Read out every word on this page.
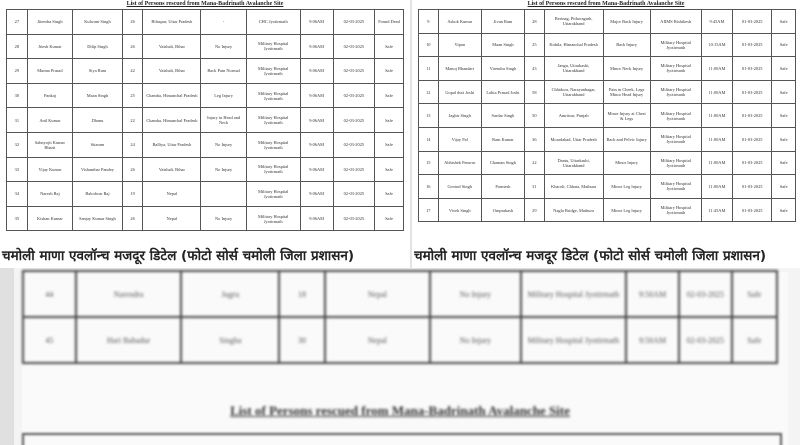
List of Persons rescued from Mana-Badrinath Avalanche Site
27	Jitendra Singh	Kulwant Singh	26	Bilaspur, Uttar Pradesh	-	CHC Jyotirmath	9:06AM	02-03-2025	Found Dead
28	Jitesh Kumar	Dilip Singh	26	Vaishali, Bihar	No Injury	Military Hospital Jyotirmath	9:06AM	02-03-2025	Safe
29	Munna Prasad	Siya Ram	42	Vaishali, Bihar	Back Pain Normal	Military Hospital Jyotirmath	9:06AM	02-03-2025	Safe
30	Pankaj	Maan Singh	25	Chamba, Himanchal Pradesh	Leg Injury	Military Hospital Jyotirmath	9:06AM	02-03-2025	Safe
31	Anil Kumar	Dhanu	22	Chamba, Himanchal Pradesh	Injury in Head and Neck	Military Hospital Jyotirmath	9:06AM	02-03-2025	Safe
32	Sahnyojit Kumar Bharti	Sitaram	24	Balliya, Uttar Pradesh	No Injury	Military Hospital Jyotirmath	9:06AM	02-03-2025	Safe
33	Vijay Kumar	Vishambar Pandey	26	Vaishali, Bihar	No Injury	Military Hospital Jyotirmath	9:06AM	02-03-2025	Safe
34	Naresh Raj	Balodwar Raj	19	Nepal		Military Hospital Jyotirmath	9:06AM	02-03-2025	Safe
35	Kishan Kumar	Sanjay Kumar Singh	26	Nepal	No Injury	Military Hospital Jyotirmath	9:06AM	02-03-2025	Safe
List of Persons rescued from Mana-Badrinath Avalanche Site
9	Ashok Kumar	Jivan Ram	28	Berinag, Pithoragarh, Uttarakhand	Major Back Injury	AIIMS Rishikesh	9:45AM	01-03-2025	Safe
10	Vipan	Maan Singh	25	Kuhila, Himanchal Pradesh	Back Injury	Military Hospital Jyotirmath	10:15AM	01-03-2025	Safe
11	Manoj Bhandari	Virendra Singh	43	Jangu, Uttarkashi, Uttarakhand	Minor Neck Injury	Military Hospital Jyotirmath	11:00AM	01-03-2025	Safe
12	Gopal dutt Joshi	Lalita Prasad Joshi	58	Chhidora, Narayanbagar, Uttarakhand	Pain in Cheek, Legs Minor Head Injury	Military Hospital Jyotirmath	11:00AM	01-03-2025	Safe
13	Jagbir Singh	Sardar Singh	50	Amritsar, Punjab	Minor Injury at Chest & Legs	Military Hospital Jyotirmath	11:00AM	01-03-2025	Safe
14	Vijay Pal	Ram Kumar	36	Moradabad, Uttar Pradesh	Back and Pelvic Injury	Military Hospital Jyotirmath	11:00AM	01-03-2025	Safe
15	Abhishek Panwar	Chaman Singh	22	Dantu, Uttarkashi, Uttarakhand	Minor Injury	Military Hospital Jyotirmath	11:00AM	01-03-2025	Safe
16	Govind Singh	Parmesh	31	Kharoli, Chhata, Mathura	Minor Leg Injury	Military Hospital Jyotirmath	11:00AM	01-03-2025	Safe
17	Vivek Singh	Omprakash	29	Nagla Bridge, Mathura	Minor Leg Injury	Military Hospital Jyotirmath	11:45AM	01-03-2025	Safe
चमोली माणा एवलॉन्च मजदूर डिटेल (फोटो सोर्स चमोली जिला प्रशासन)	चमोली माणा एवलॉन्च मजदूर डिटेल (फोटो सोर्स चमोली जिला प्रशासन)
44	Narendra	Jugru	18	Nepal	No Injury	Military Hospital Jyotirmath	9:50AM	02-03-2025	Safe
45	Hari Bahadur	Singha	30	Nepal	No Injury	Military Hospital Jyotirmath	9:50AM	02-03-2025	Safe
List of Persons rescued from Mana-Badrinath Avalanche Site
